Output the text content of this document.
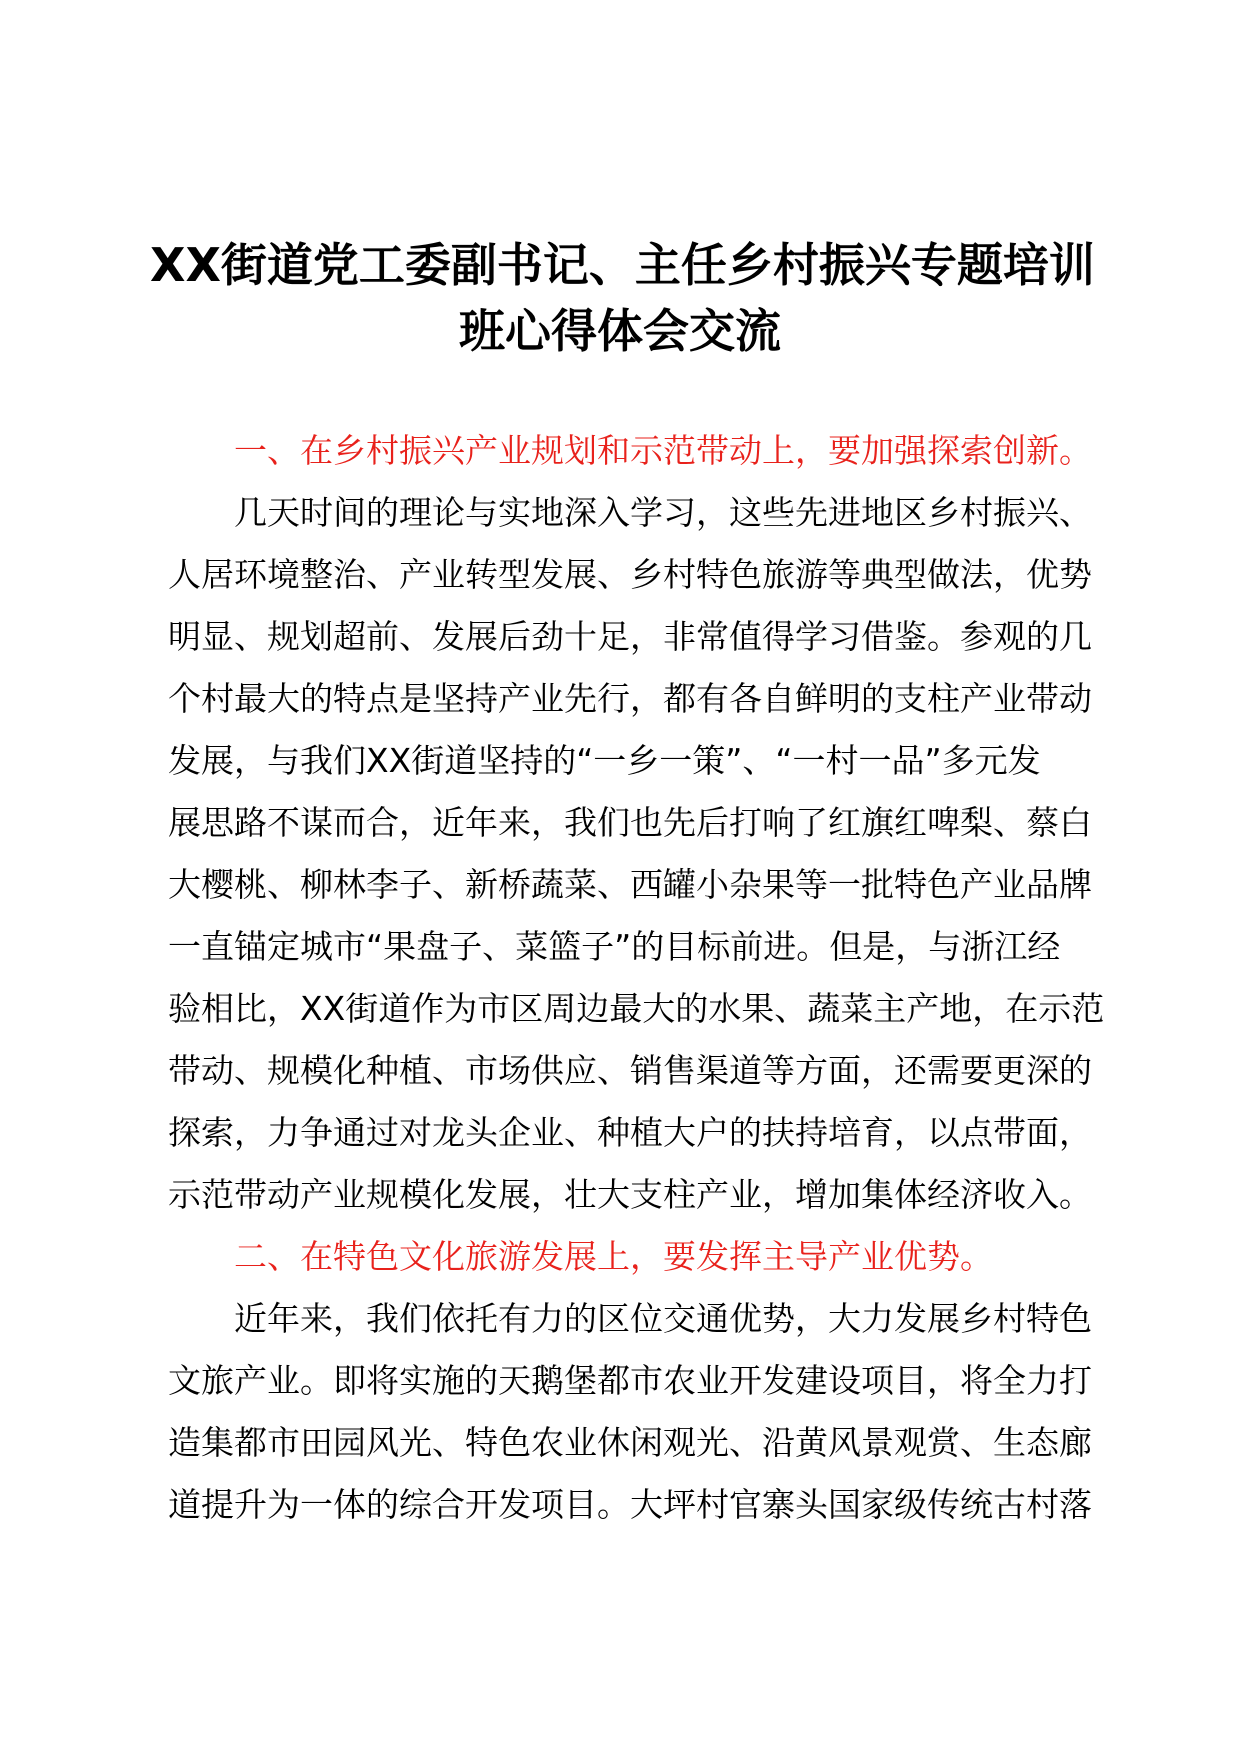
XX街道党工委副书记、主任乡村振兴专题培训
班心得体会交流
一、在乡村振兴产业规划和示范带动上，要加强探索创新。
几天时间的理论与实地深入学习，这些先进地区乡村振兴、
人居环境整治、产业转型发展、乡村特色旅游等典型做法，优势
明显、规划超前、发展后劲十足，非常值得学习借鉴。参观的几
个村最大的特点是坚持产业先行，都有各自鲜明的支柱产业带动
发展，与我们XX街道坚持的“一乡一策”、“一村一品”多元发
展思路不谋而合，近年来，我们也先后打响了红旗红啤梨、蔡白
大樱桃、柳林李子、新桥蔬菜、西罐小杂果等一批特色产业品牌
一直锚定城市“果盘子、菜篮子”的目标前进。但是，与浙江经
验相比，XX街道作为市区周边最大的水果、蔬菜主产地，在示范
带动、规模化种植、市场供应、销售渠道等方面，还需要更深的
探索，力争通过对龙头企业、种植大户的扶持培育，以点带面，
示范带动产业规模化发展，壮大支柱产业，增加集体经济收入。
二、在特色文化旅游发展上，要发挥主导产业优势。
近年来，我们依托有力的区位交通优势，大力发展乡村特色
文旅产业。即将实施的天鹅堡都市农业开发建设项目，将全力打
造集都市田园风光、特色农业休闲观光、沿黄风景观赏、生态廊
道提升为一体的综合开发项目。大坪村官寨头国家级传统古村落
